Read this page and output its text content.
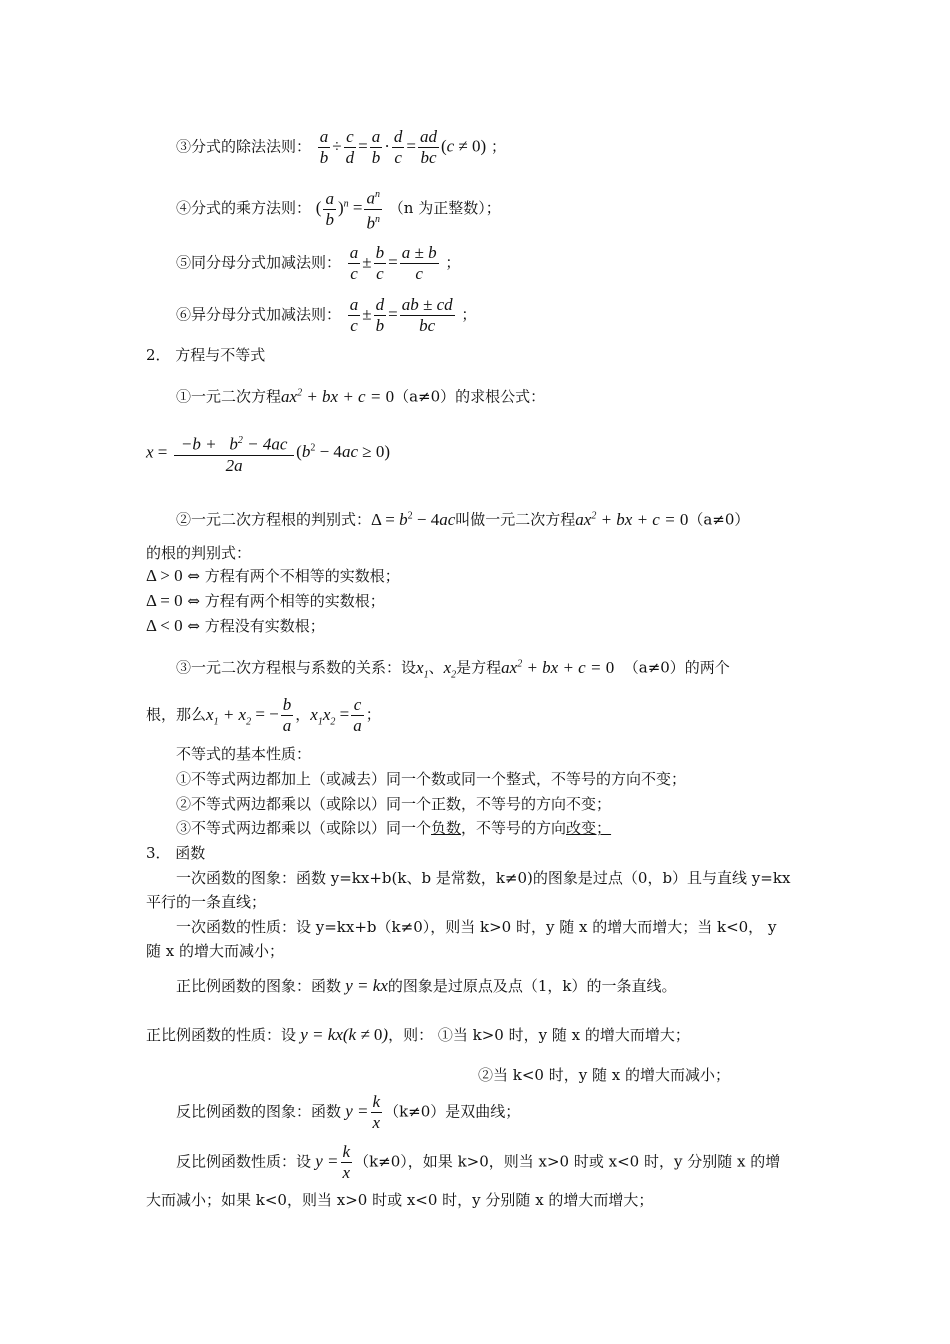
③分式的除法法则： $\frac{a}{b} \div \frac{c}{d} = \frac{a}{b} \cdot \frac{d}{c} = \frac{ad}{bc} (c \ne 0)$ ；
④分式的乘方法则： ( $\frac{a}{b} )^n = \frac{a^n}{b^n} (n$ 为正整数）；
⑤同分母分式加减法则： $\frac{a}{c} \pm \frac{b}{c} = \frac{a \pm b}{c}$ ；
⑥异分母分式加减法则： $\frac{a}{c} \pm \frac{d}{b} = \frac{ab \pm cd}{bc}$ ；
2． 方程与不等式
①一元二次方程$ax^2$ + bx + c = 0（a≠0）的求根公式：
$x = \frac{-b + b^2 - 4ac}{2a} (b^2 - 4ac \ge 0)$
②一元二次方程根的判别式：$\Delta = b^2 - 4ac$叫做一元二次方程$ax^2$ + bx + c = 0（a≠0）
的根的判别式：
Δ > 0 ⇔ 方程有两个不相等的实数根；
Δ = 0 ⇔ 方程有两个相等的实数根；
Δ < 0 ⇔ 方程没有实数根；
③一元二次方程根与系数的关系：设$x_1$、$x_2$是方程$ax^2$ + bx + c = 0 （a≠0）的两个
根，那么$x_1 + x_2$ = − $\frac{b}{a}$ ，$x_1x_2 = \frac{c}{a}$ ；
不等式的基本性质：
①不等式两边都加上（或减去）同一个数或同一个整式，不等号的方向不变；
②不等式两边都乘以（或除以）同一个正数，不等号的方向不变；
③不等式两边都乘以（或除以）同一个负数，不等号的方向改变；
3． 函数
一次函数的图象：函数 y=kx+b(k、b 是常数，k≠0)的图象是过点（0，b）且与直线 y=kx
平行的一条直线；
一次函数的性质：设 y=kx+b（k≠0），则当 k>0 时，y 随 x 的增大而增大；当 k<0， y
随 x 的增大而减小；
正比例函数的图象：函数 y = kx的图象是过原点及点（1，k）的一条直线。
正比例函数的性质：设 y = kx(k ≠ 0)，则： ①当 k>0 时，y 随 x 的增大而增大；
②当 k<0 时，y 随 x 的增大而减小；
反比例函数的图象：函数 $y = \frac{k}{x} (k\ne 0)$是双曲线；
反比例函数性质：设 $y = \frac{k}{x} (k\ne 0)$，如果 k>0，则当 x>0 时或 x<0 时，y 分别随 x 的增
大而减小；如果 k<0，则当 x>0 时或 x<0 时，y 分别随 x 的增大而增大；
